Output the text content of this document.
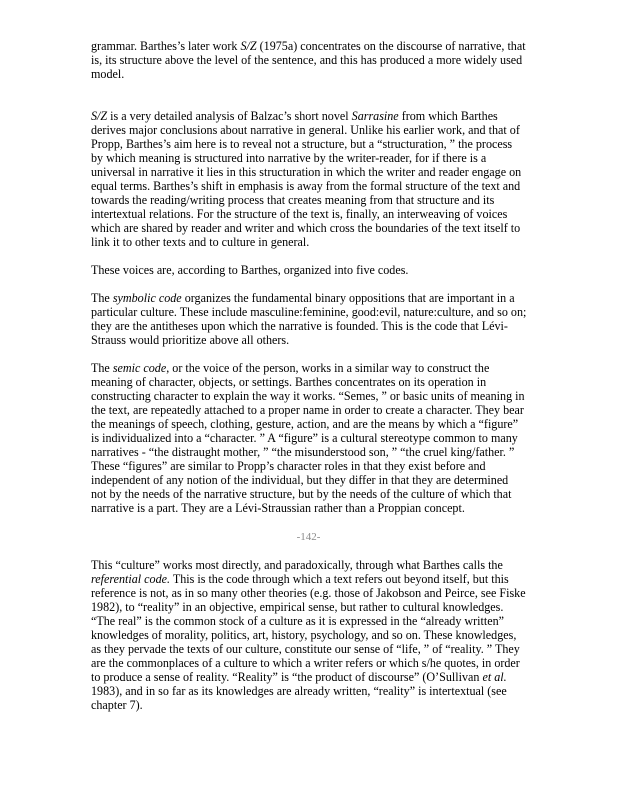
grammar. Barthes’s later work S/Z (1975a) concentrates on the discourse of narrative, that
is, its structure above the level of the sentence, and this has produced a more widely used
model.

S/Z is a very detailed analysis of Balzac’s short novel Sarrasine from which Barthes
derives major conclusions about narrative in general. Unlike his earlier work, and that of
Propp, Barthes’s aim here is to reveal not a structure, but a “structuration, ” the process
by which meaning is structured into narrative by the writer-reader, for if there is a
universal in narrative it lies in this structuration in which the writer and reader engage on
equal terms. Barthes’s shift in emphasis is away from the formal structure of the text and
towards the reading/writing process that creates meaning from that structure and its
intertextual relations. For the structure of the text is, finally, an interweaving of voices
which are shared by reader and writer and which cross the boundaries of the text itself to
link it to other texts and to culture in general.

These voices are, according to Barthes, organized into five codes.

The symbolic code organizes the fundamental binary oppositions that are important in a
particular culture. These include masculine:feminine, good:evil, nature:culture, and so on;
they are the antitheses upon which the narrative is founded. This is the code that Lévi-
Strauss would prioritize above all others.

The semic code, or the voice of the person, works in a similar way to construct the
meaning of character, objects, or settings. Barthes concentrates on its operation in
constructing character to explain the way it works. “Semes, ” or basic units of meaning in
the text, are repeatedly attached to a proper name in order to create a character. They bear
the meanings of speech, clothing, gesture, action, and are the means by which a “figure”
is individualized into a “character. ” A “figure” is a cultural stereotype common to many
narratives - “the distraught mother, ” “the misunderstood son, ” “the cruel king/father. ”
These “figures” are similar to Propp’s character roles in that they exist before and
independent of any notion of the individual, but they differ in that they are determined
not by the needs of the narrative structure, but by the needs of the culture of which that
narrative is a part. They are a Lévi-Straussian rather than a Proppian concept.

-142-

This “culture” works most directly, and paradoxically, through what Barthes calls the
referential code. This is the code through which a text refers out beyond itself, but this
reference is not, as in so many other theories (e.g. those of Jakobson and Peirce, see Fiske
1982), to “reality” in an objective, empirical sense, but rather to cultural knowledges.
“The real” is the common stock of a culture as it is expressed in the “already written”
knowledges of morality, politics, art, history, psychology, and so on. These knowledges,
as they pervade the texts of our culture, constitute our sense of “life, ” of “reality. ” They
are the commonplaces of a culture to which a writer refers or which s/he quotes, in order
to produce a sense of reality. “Reality” is “the product of discourse” (O’Sullivan et al.
1983), and in so far as its knowledges are already written, “reality” is intertextual (see
chapter 7).
